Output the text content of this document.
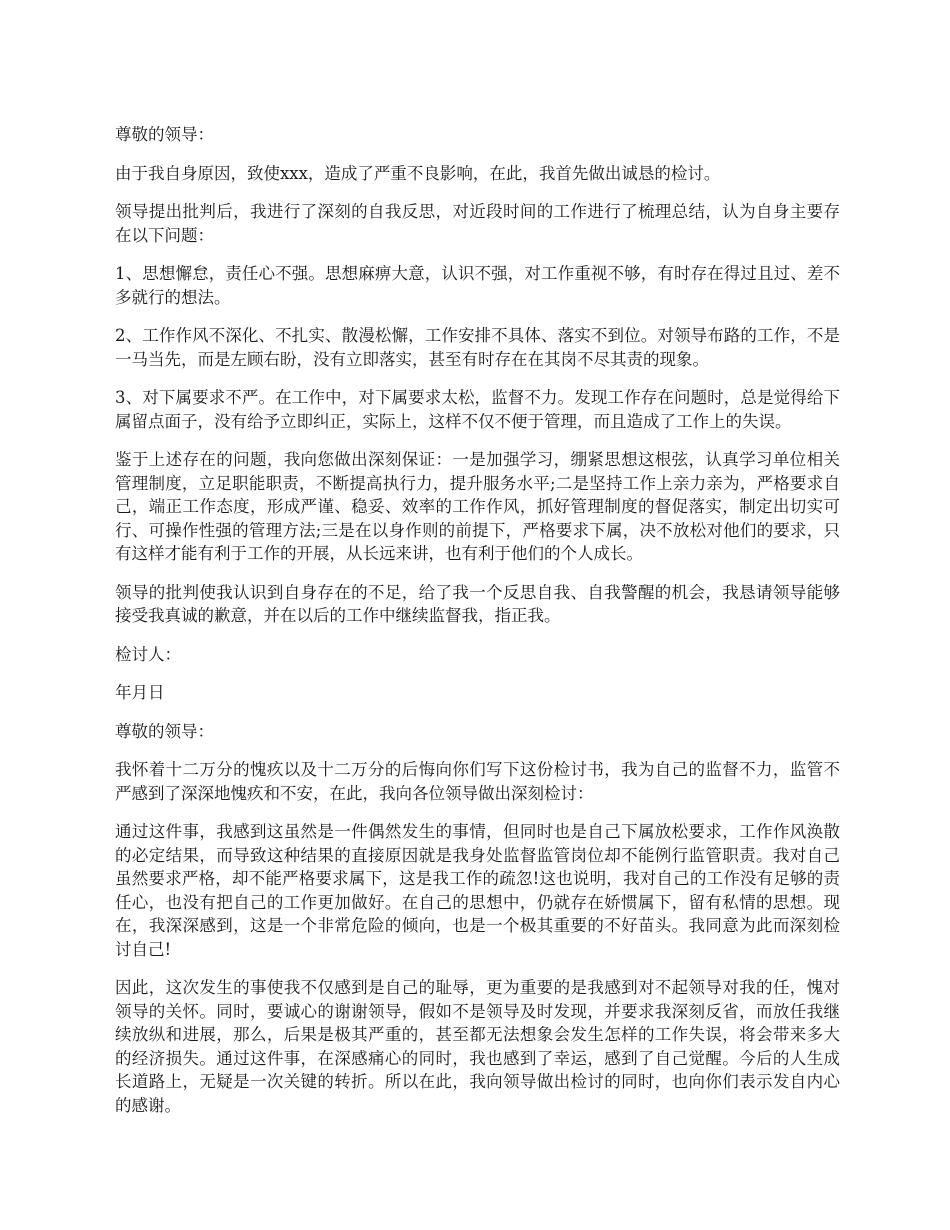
尊敬的领导：

由于我自身原因，致使xxx，造成了严重不良影响，在此，我首先做出诚恳的检讨。

领导提出批判后，我进行了深刻的自我反思，对近段时间的工作进行了梳理总结，认为自身主要存在以下问题：

1、思想懈怠，责任心不强。思想麻痹大意，认识不强，对工作重视不够，有时存在得过且过、差不多就行的想法。

2、工作作风不深化、不扎实、散漫松懈，工作安排不具体、落实不到位。对领导布路的工作，不是一马当先，而是左顾右盼，没有立即落实，甚至有时存在在其岗不尽其责的现象。

3、对下属要求不严。在工作中，对下属要求太松，监督不力。发现工作存在问题时，总是觉得给下属留点面子，没有给予立即纠正，实际上，这样不仅不便于管理，而且造成了工作上的失误。

鉴于上述存在的问题，我向您做出深刻保证：一是加强学习，绷紧思想这根弦，认真学习单位相关管理制度，立足职能职责，不断提高执行力，提升服务水平;二是坚持工作上亲力亲为，严格要求自己，端正工作态度，形成严谨、稳妥、效率的工作作风，抓好管理制度的督促落实，制定出切实可行、可操作性强的管理方法;三是在以身作则的前提下，严格要求下属，决不放松对他们的要求，只有这样才能有利于工作的开展，从长远来讲，也有利于他们的个人成长。

领导的批判使我认识到自身存在的不足，给了我一个反思自我、自我警醒的机会，我恳请领导能够接受我真诚的歉意，并在以后的工作中继续监督我，指正我。

检讨人：

年月日

尊敬的领导：

我怀着十二万分的愧疚以及十二万分的后悔向你们写下这份检讨书，我为自己的监督不力，监管不严感到了深深地愧疚和不安，在此，我向各位领导做出深刻检讨：

通过这件事，我感到这虽然是一件偶然发生的事情，但同时也是自己下属放松要求，工作作风涣散的必定结果，而导致这种结果的直接原因就是我身处监督监管岗位却不能例行监管职责。我对自己虽然要求严格，却不能严格要求属下，这是我工作的疏忽!这也说明，我对自己的工作没有足够的责任心，也没有把自己的工作更加做好。在自己的思想中，仍就存在娇惯属下，留有私情的思想。现在，我深深感到，这是一个非常危险的倾向，也是一个极其重要的不好苗头。我同意为此而深刻检讨自己!

因此，这次发生的事使我不仅感到是自己的耻辱，更为重要的是我感到对不起领导对我的任，愧对领导的关怀。同时，要诚心的谢谢领导，假如不是领导及时发现，并要求我深刻反省，而放任我继续放纵和进展，那么，后果是极其严重的，甚至都无法想象会发生怎样的工作失误，将会带来多大的经济损失。通过这件事，在深感痛心的同时，我也感到了幸运，感到了自己觉醒。今后的人生成长道路上，无疑是一次关键的转折。所以在此，我向领导做出检讨的同时，也向你们表示发自内心的感谢。
